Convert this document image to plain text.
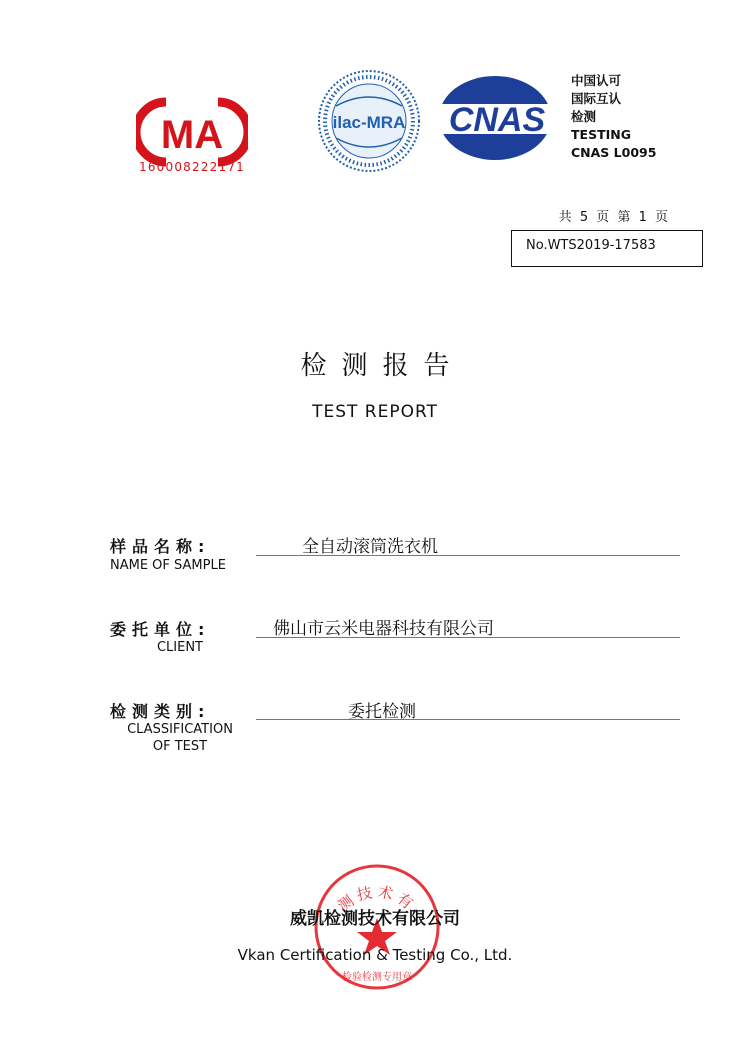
MA
160008222171
ilac-MRA CNAS
中国认可
国际互认
检测
TESTING
CNAS L0095
共 5 页 第 1 页
No.WTS2019-17583
检测报告
TEST REPORT
样品名称:
NAME OF SAMPLE
全自动滚筒洗衣机
委托单位:
CLIENT
佛山市云米电器科技有限公司
检测类别:
CLASSIFICATION
OF TEST
委托检测
测技术有
检验检测专用章
威凯检测技术有限公司
Vkan Certification & Testing Co., Ltd.
